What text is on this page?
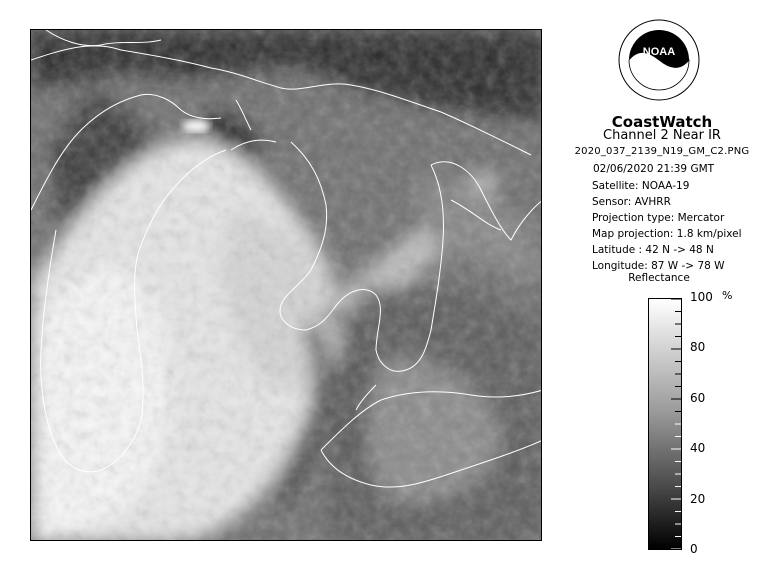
NOAA
CoastWatch
Channel 2 Near IR
2020_037_2139_N19_GM_C2.PNG
02/06/2020 21:39 GMT
Satellite: NOAA-19
Sensor: AVHRR
Projection type: Mercator
Map projection: 1.8 km/pixel
Latitude : 42 N -> 48 N
Longitude: 87 W -> 78 W
Reflectance
%
100
80
60
40
20
0
